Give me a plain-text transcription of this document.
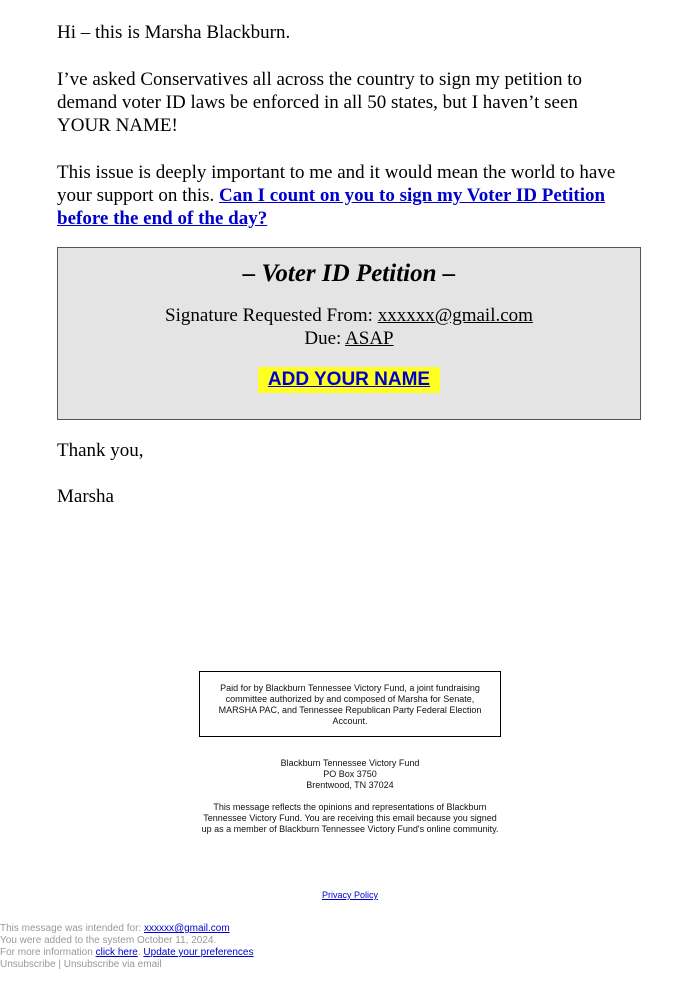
Hi – this is Marsha Blackburn.
I’ve asked Conservatives all across the country to sign my petition to demand voter ID laws be enforced in all 50 states, but I haven’t seen YOUR NAME!
This issue is deeply important to me and it would mean the world to have your support on this. Can I count on you to sign my Voter ID Petition before the end of the day?
– Voter ID Petition –
Signature Requested From: xxxxxx@gmail.com
Due: ASAP
ADD YOUR NAME
Thank you,
Marsha
Paid for by Blackburn Tennessee Victory Fund, a joint fundraising committee authorized by and composed of Marsha for Senate, MARSHA PAC, and Tennessee Republican Party Federal Election Account.
Blackburn Tennessee Victory Fund
PO Box 3750
Brentwood, TN 37024
This message reflects the opinions and representations of Blackburn Tennessee Victory Fund. You are receiving this email because you signed up as a member of Blackburn Tennessee Victory Fund's online community.
Privacy Policy
This message was intended for: xxxxxx@gmail.com
You were added to the system October 11, 2024.
For more information click here. Update your preferences
Unsubscribe | Unsubscribe via email
